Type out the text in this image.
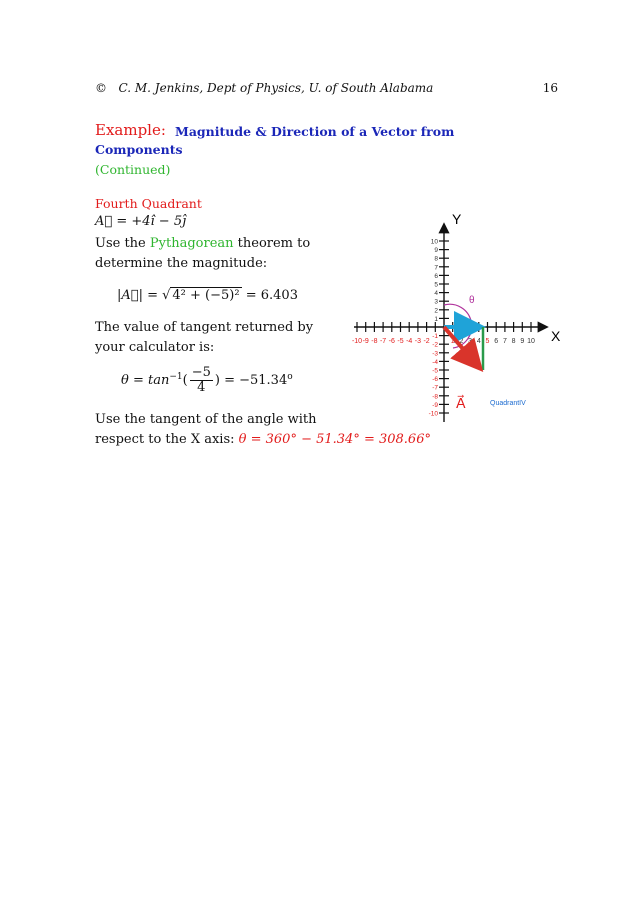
© C. M. Jenkins, Dept of Physics, U. of South Alabama	16
Example: Magnitude & Direction of a Vector from
Components
(Continued)
Fourth Quadrant
A⃗ = +4î − 5ĵ
Use the Pythagorean theorem to
determine the magnitude:
|A⃗| = √ 4² + (−5)² = 6.403
The value of tangent returned by
your calculator is:
$\theta = \tan^{-1}( \frac{-5}{4}$ ) = $-51.34^o$
Use the tangent of the angle with
respect to the X axis: θ = 360° − 51.34° = 308.66°
1 2 3 4 5 6 7 8 9 10
-10 -9 -8 -7 -6 -5 -4 -3 -2
10
9
8
7
6
5
4
3
2
1
-1
-2
-3
-4
-5
-6
-7
-8
-9
-10
X
Y
θ
A⃗	QuadrantIV
